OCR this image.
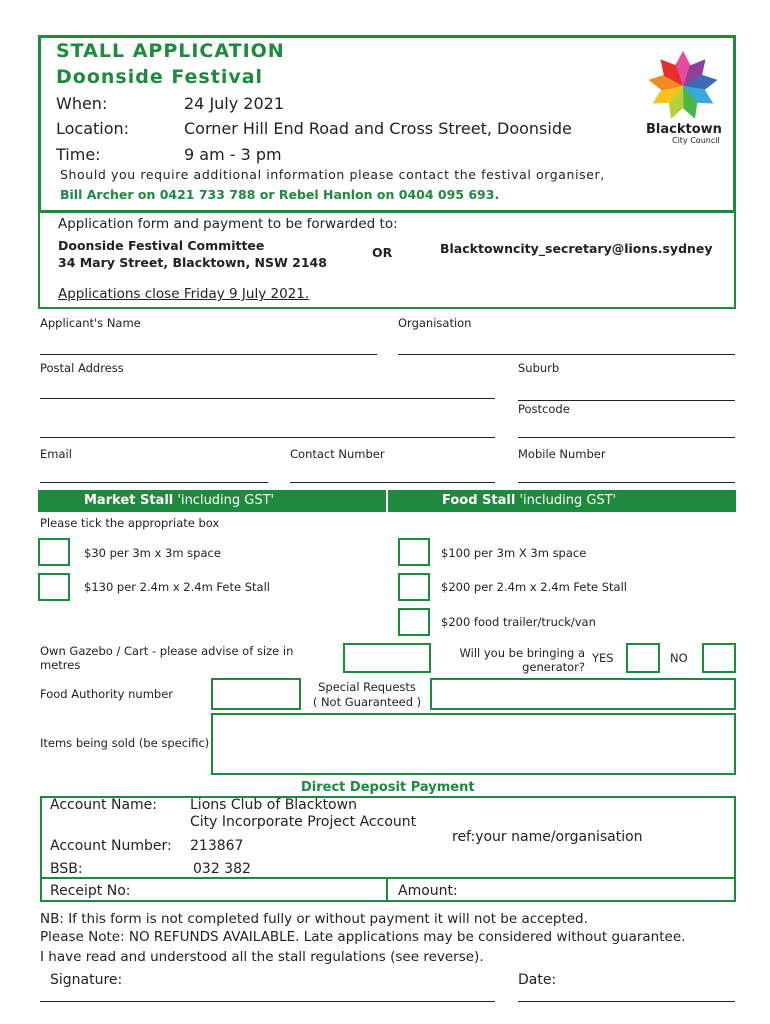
STALL APPLICATION
Doonside Festival
When:	24 July 2021
Location:	Corner Hill End Road and Cross Street, Doonside
Time:	9 am - 3 pm
Should you require additional information please contact the festival organiser,
Bill Archer on 0421 733 788 or Rebel Hanlon on 0404 095 693.
Blacktown
City Council
Application form and payment to be forwarded to:
Doonside Festival Committee
34 Mary Street, Blacktown, NSW 2148
OR	Blacktowncity_secretary@lions.sydney
Applications close Friday 9 July 2021.
Applicant's Name	Organisation
Postal Address	Suburb
Postcode
Email	Contact Number	Mobile Number
Market Stall 'including GST'	Food Stall 'including GST'
Please tick the appropriate box
$30 per 3m x 3m space
$130 per 2.4m x 2.4m Fete Stall
$100 per 3m X 3m space
$200 per 2.4m x 2.4m Fete Stall
$200 food trailer/truck/van
Own Gazebo / Cart - please advise of size in metres
Will you be bringing a generator?
YES	NO
Food Authority number	Special Requests
( Not Guaranteed )
Items being sold (be specific)
Direct Deposit Payment
Account Name: Lions Club of Blacktown
City Incorporate Project Account
Account Number: 213867
BSB:	032 382
ref:your name/organisation
Receipt No:	Amount:
NB: If this form is not completed fully or without payment it will not be accepted.
Please Note: NO REFUNDS AVAILABLE. Late applications may be considered without guarantee.
I have read and understood all the stall regulations (see reverse).
Signature:	Date:
